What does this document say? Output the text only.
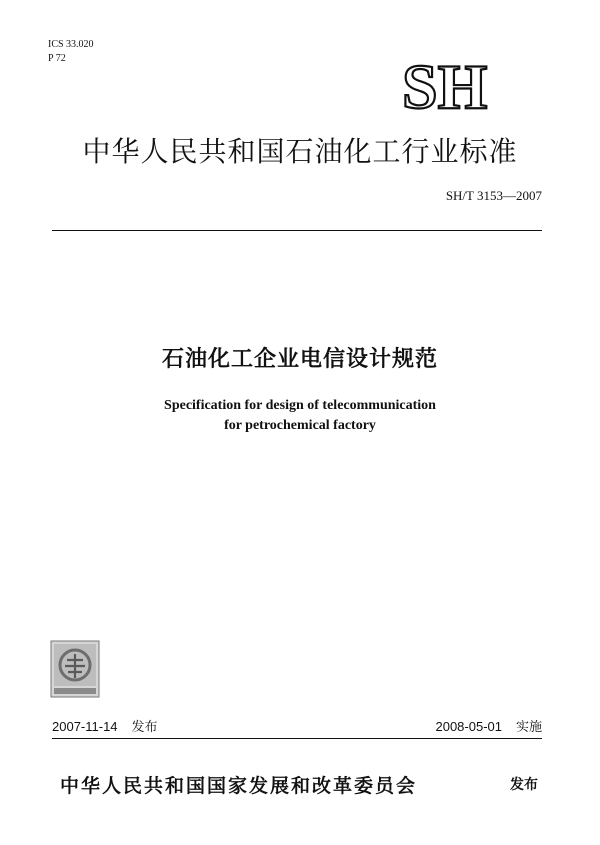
ICS 33.020
P 72	SH
中华人民共和国石油化工行业标准
SH/T 3153—2007
石油化工企业电信设计规范
Specification for design of telecommunication
for petrochemical factory
2007-11-14 发布	2008-05-01 实施
中华人民共和国国家发展和改革委员会	发布
